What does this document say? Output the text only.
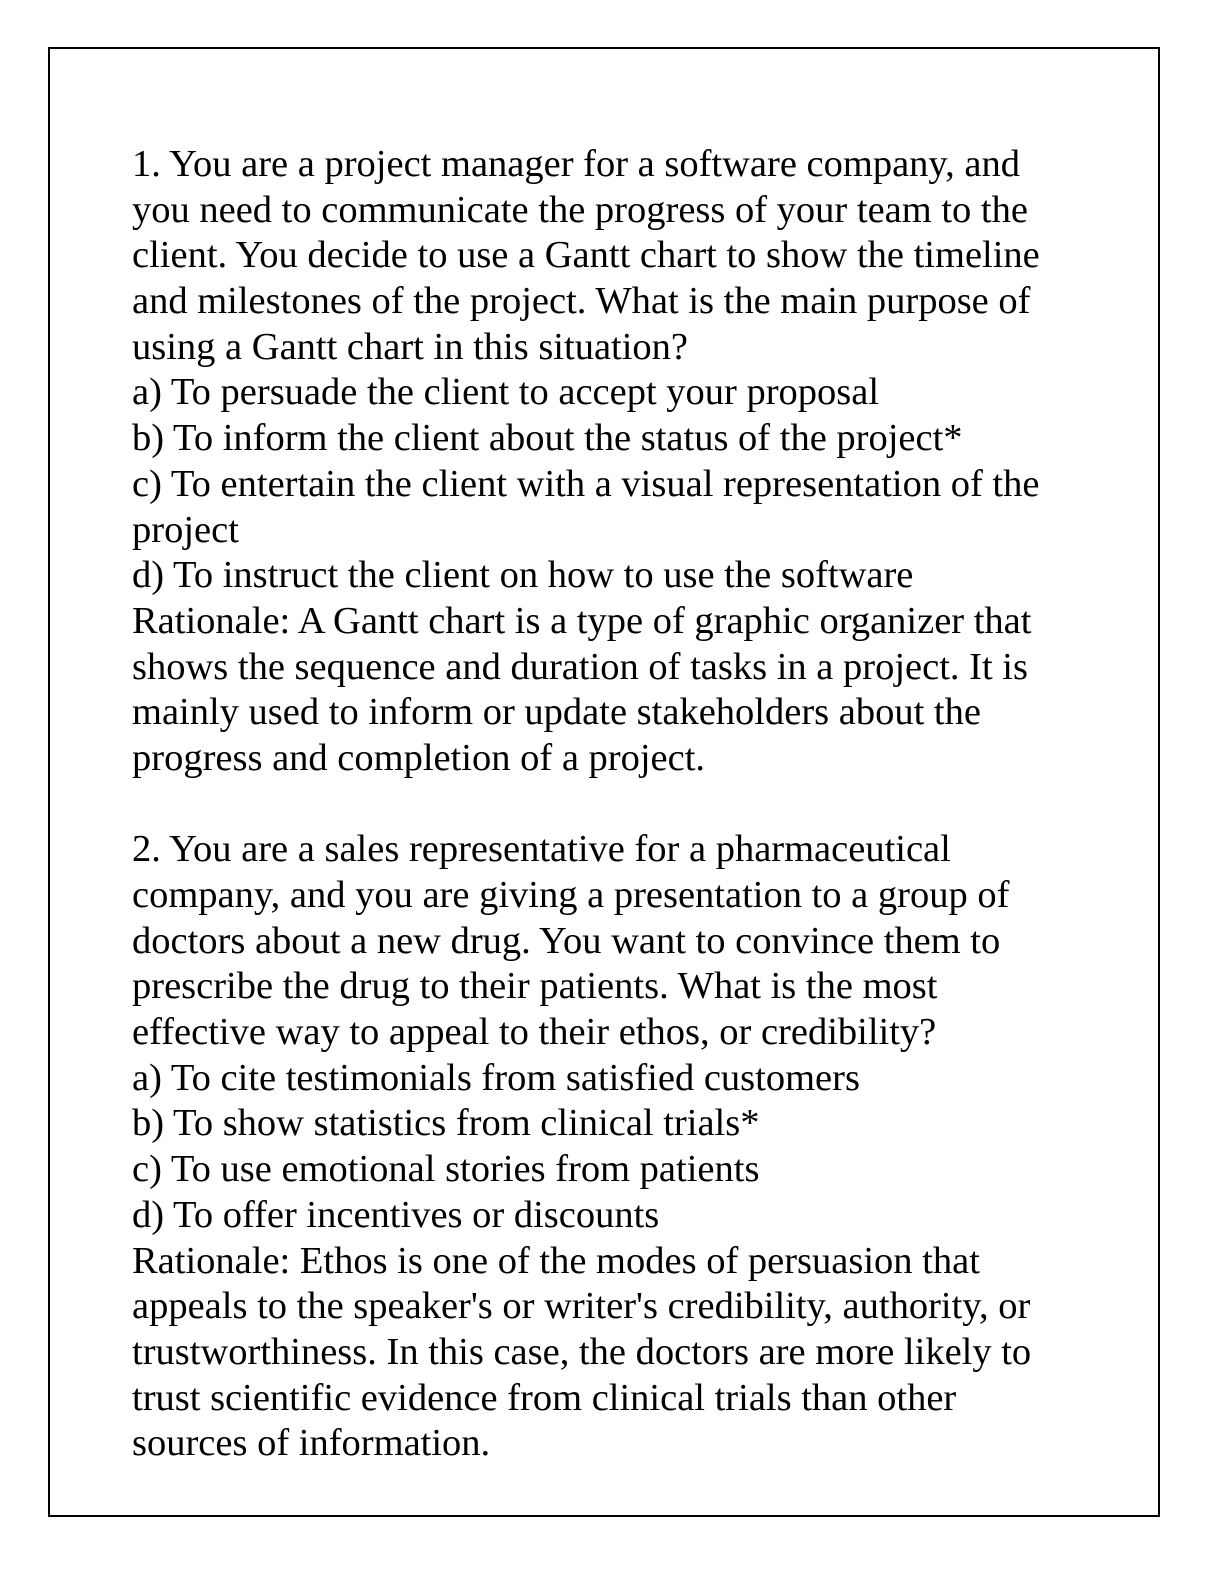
1. You are a project manager for a software company, and
you need to communicate the progress of your team to the
client. You decide to use a Gantt chart to show the timeline
and milestones of the project. What is the main purpose of
using a Gantt chart in this situation?
a) To persuade the client to accept your proposal
b) To inform the client about the status of the project*
c) To entertain the client with a visual representation of the
project
d) To instruct the client on how to use the software
Rationale: A Gantt chart is a type of graphic organizer that
shows the sequence and duration of tasks in a project. It is
mainly used to inform or update stakeholders about the
progress and completion of a project.
2. You are a sales representative for a pharmaceutical
company, and you are giving a presentation to a group of
doctors about a new drug. You want to convince them to
prescribe the drug to their patients. What is the most
effective way to appeal to their ethos, or credibility?
a) To cite testimonials from satisfied customers
b) To show statistics from clinical trials*
c) To use emotional stories from patients
d) To offer incentives or discounts
Rationale: Ethos is one of the modes of persuasion that
appeals to the speaker's or writer's credibility, authority, or
trustworthiness. In this case, the doctors are more likely to
trust scientific evidence from clinical trials than other
sources of information.
